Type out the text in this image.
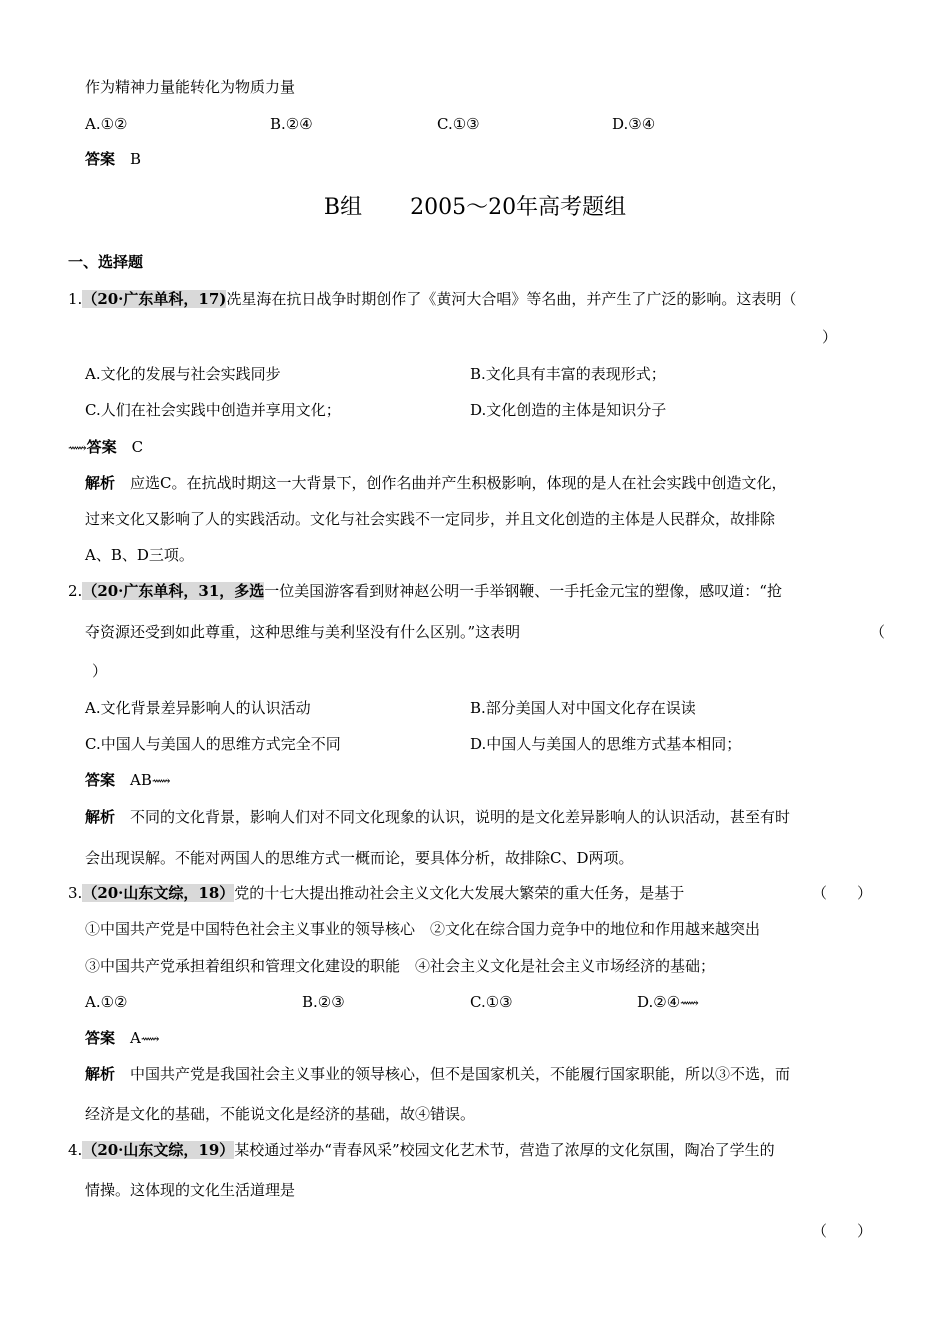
作为精神力量能转化为物质力量
A.①②	B.②④	C.①③	D.③④
答案　 B
B组 2005～20年高考题组
一、选择题
1.（20·广东单科，17)冼星海在抗日战争时期创作了《黄河大合唱》等名曲，并产生了广泛的影响。这表明（
）
A.文化的发展与社会实践同步	B.文化具有丰富的表现形式；
C.人们在社会实践中创造并享用文化；	D.文化创造的主体是知识分子
⟿答案　 C
解析　 应选C。在抗战时期这一大背景下，创作名曲并产生积极影响，体现的是人在社会实践中创造文化，
过来文化又影响了人的实践活动。文化与社会实践不一定同步，并且文化创造的主体是人民群众，故排除
A、B、D三项。
2.（20·广东单科，31，多选一位美国游客看到财神赵公明一手举钢鞭、一手托金元宝的塑像，感叹道：“抢
夺资源还受到如此尊重，这种思维与美利坚没有什么区别。”这表明	（
）
A.文化背景差异影响人的认识活动	B.部分美国人对中国文化存在误读
C.中国人与美国人的思维方式完全不同	D.中国人与美国人的思维方式基本相同；
答案　 AB⟿
解析　 不同的文化背景，影响人们对不同文化现象的认识，说明的是文化差异影响人的认识活动，甚至有时
会出现误解。不能对两国人的思维方式一概而论，要具体分析，故排除C、D两项。
3.（20·山东文综，18）党的十七大提出推动社会主义文化大发展大繁荣的重大任务，是基于	（　　）
①中国共产党是中国特色社会主义事业的领导核心　②文化在综合国力竞争中的地位和作用越来越突出
③中国共产党承担着组织和管理文化建设的职能　④社会主义文化是社会主义市场经济的基础；
A.①②	B.②③	C.①③	D.②④⟿
答案　 A⟿
解析　 中国共产党是我国社会主义事业的领导核心，但不是国家机关，不能履行国家职能，所以③不选，而
经济是文化的基础，不能说文化是经济的基础，故④错误。
4.（20·山东文综，19）某校通过举办“青春风采”校园文化艺术节，营造了浓厚的文化氛围，陶冶了学生的
情操。这体现的文化生活道理是
（　　）
